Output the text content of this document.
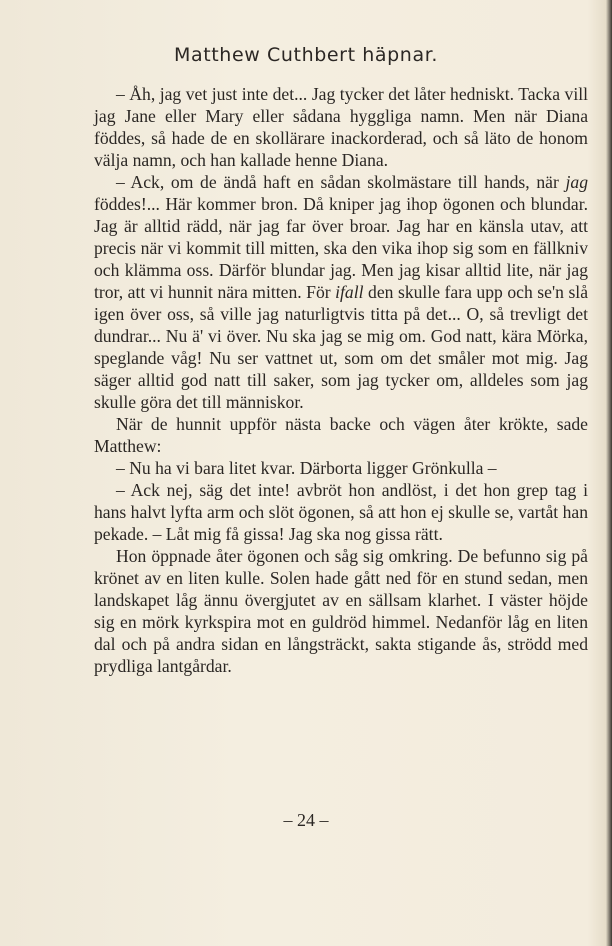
Matthew Cuthbert häpnar.

– Åh, jag vet just inte det... Jag tycker det låter hedniskt. Tacka vill jag Jane eller Mary eller sådana hyggliga namn. Men när Diana föddes, så hade de en skollärare inackorderad, och så läto de honom välja namn, och han kallade henne Diana.

– Ack, om de ändå haft en sådan skolmästare till hands, när jag föddes!... Här kommer bron. Då kniper jag ihop ögonen och blundar. Jag är alltid rädd, när jag far över broar. Jag har en känsla utav, att precis när vi kommit till mitten, ska den vika ihop sig som en fällkniv och klämma oss. Därför blundar jag. Men jag kisar alltid lite, när jag tror, att vi hunnit nära mitten. För ifall den skulle fara upp och se'n slå igen över oss, så ville jag naturligtvis titta på det... O, så trevligt det dundrar... Nu ä' vi över. Nu ska jag se mig om. God natt, kära Mörka, speglande våg! Nu ser vattnet ut, som om det småler mot mig. Jag säger alltid god natt till saker, som jag tycker om, alldeles som jag skulle göra det till människor.

När de hunnit uppför nästa backe och vägen åter krökte, sade Matthew:

– Nu ha vi bara litet kvar. Därborta ligger Grönkulla –

– Ack nej, säg det inte! avbröt hon andlöst, i det hon grep tag i hans halvt lyfta arm och slöt ögonen, så att hon ej skulle se, vartåt han pekade. – Låt mig få gissa! Jag ska nog gissa rätt.

Hon öppnade åter ögonen och såg sig omkring. De befunno sig på krönet av en liten kulle. Solen hade gått ned för en stund sedan, men landskapet låg ännu övergjutet av en sällsam klarhet. I väster höjde sig en mörk kyrkspira mot en guldröd himmel. Nedanför låg en liten dal och på andra sidan en långsträckt, sakta stigande ås, strödd med prydliga lantgårdar.

– 24 –
